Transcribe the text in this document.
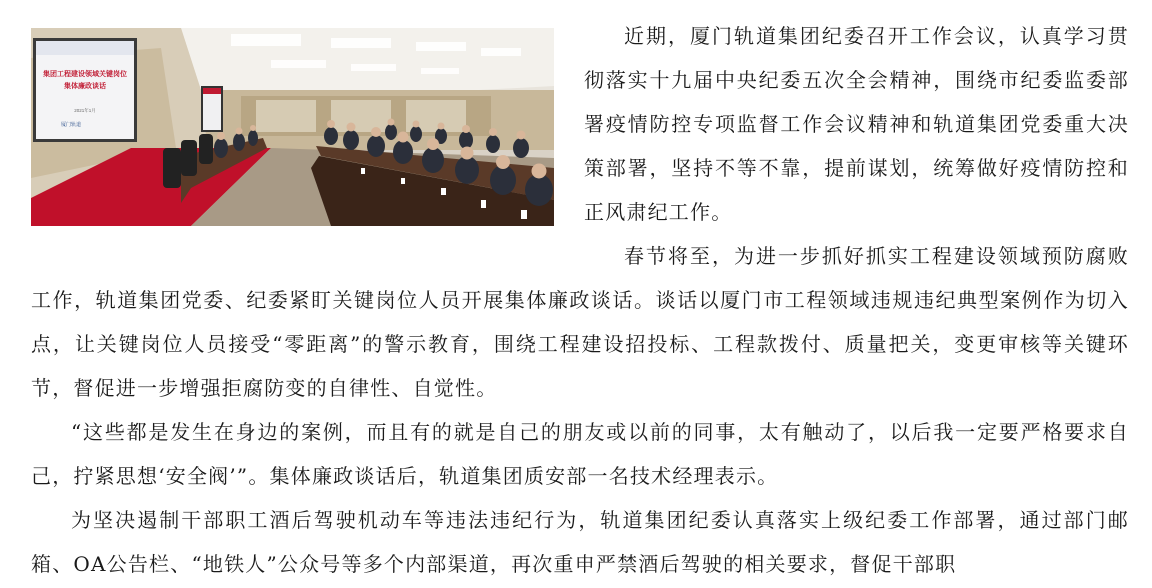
集团工程建设领域关键岗位
集体廉政谈话
2021年1月
厦门轨道

近期，厦门轨道集团纪委召开工作会议，认真学习贯彻落实十九届中央纪委五次全会精神，围绕市纪委监委部署疫情防控专项监督工作会议精神和轨道集团党委重大决策部署，坚持不等不靠，提前谋划，统筹做好疫情防控和正风肃纪工作。

春节将至，为进一步抓好抓实工程建设领域预防腐败工作，轨道集团党委、纪委紧盯关键岗位人员开展集体廉政谈话。谈话以厦门市工程领域违规违纪典型案例作为切入点，让关键岗位人员接受“零距离”的警示教育，围绕工程建设招投标、工程款拨付、质量把关，变更审核等关键环节，督促进一步增强拒腐防变的自律性、自觉性。

“这些都是发生在身边的案例，而且有的就是自己的朋友或以前的同事，太有触动了，以后我一定要严格要求自己，拧紧思想‘安全阀’”。集体廉政谈话后，轨道集团质安部一名技术经理表示。

为坚决遏制干部职工酒后驾驶机动车等违法违纪行为，轨道集团纪委认真落实上级纪委工作部署，通过部门邮箱、OA公告栏、“地铁人”公众号等多个内部渠道，再次重申严禁酒后驾驶的相关要求，督促干部职
